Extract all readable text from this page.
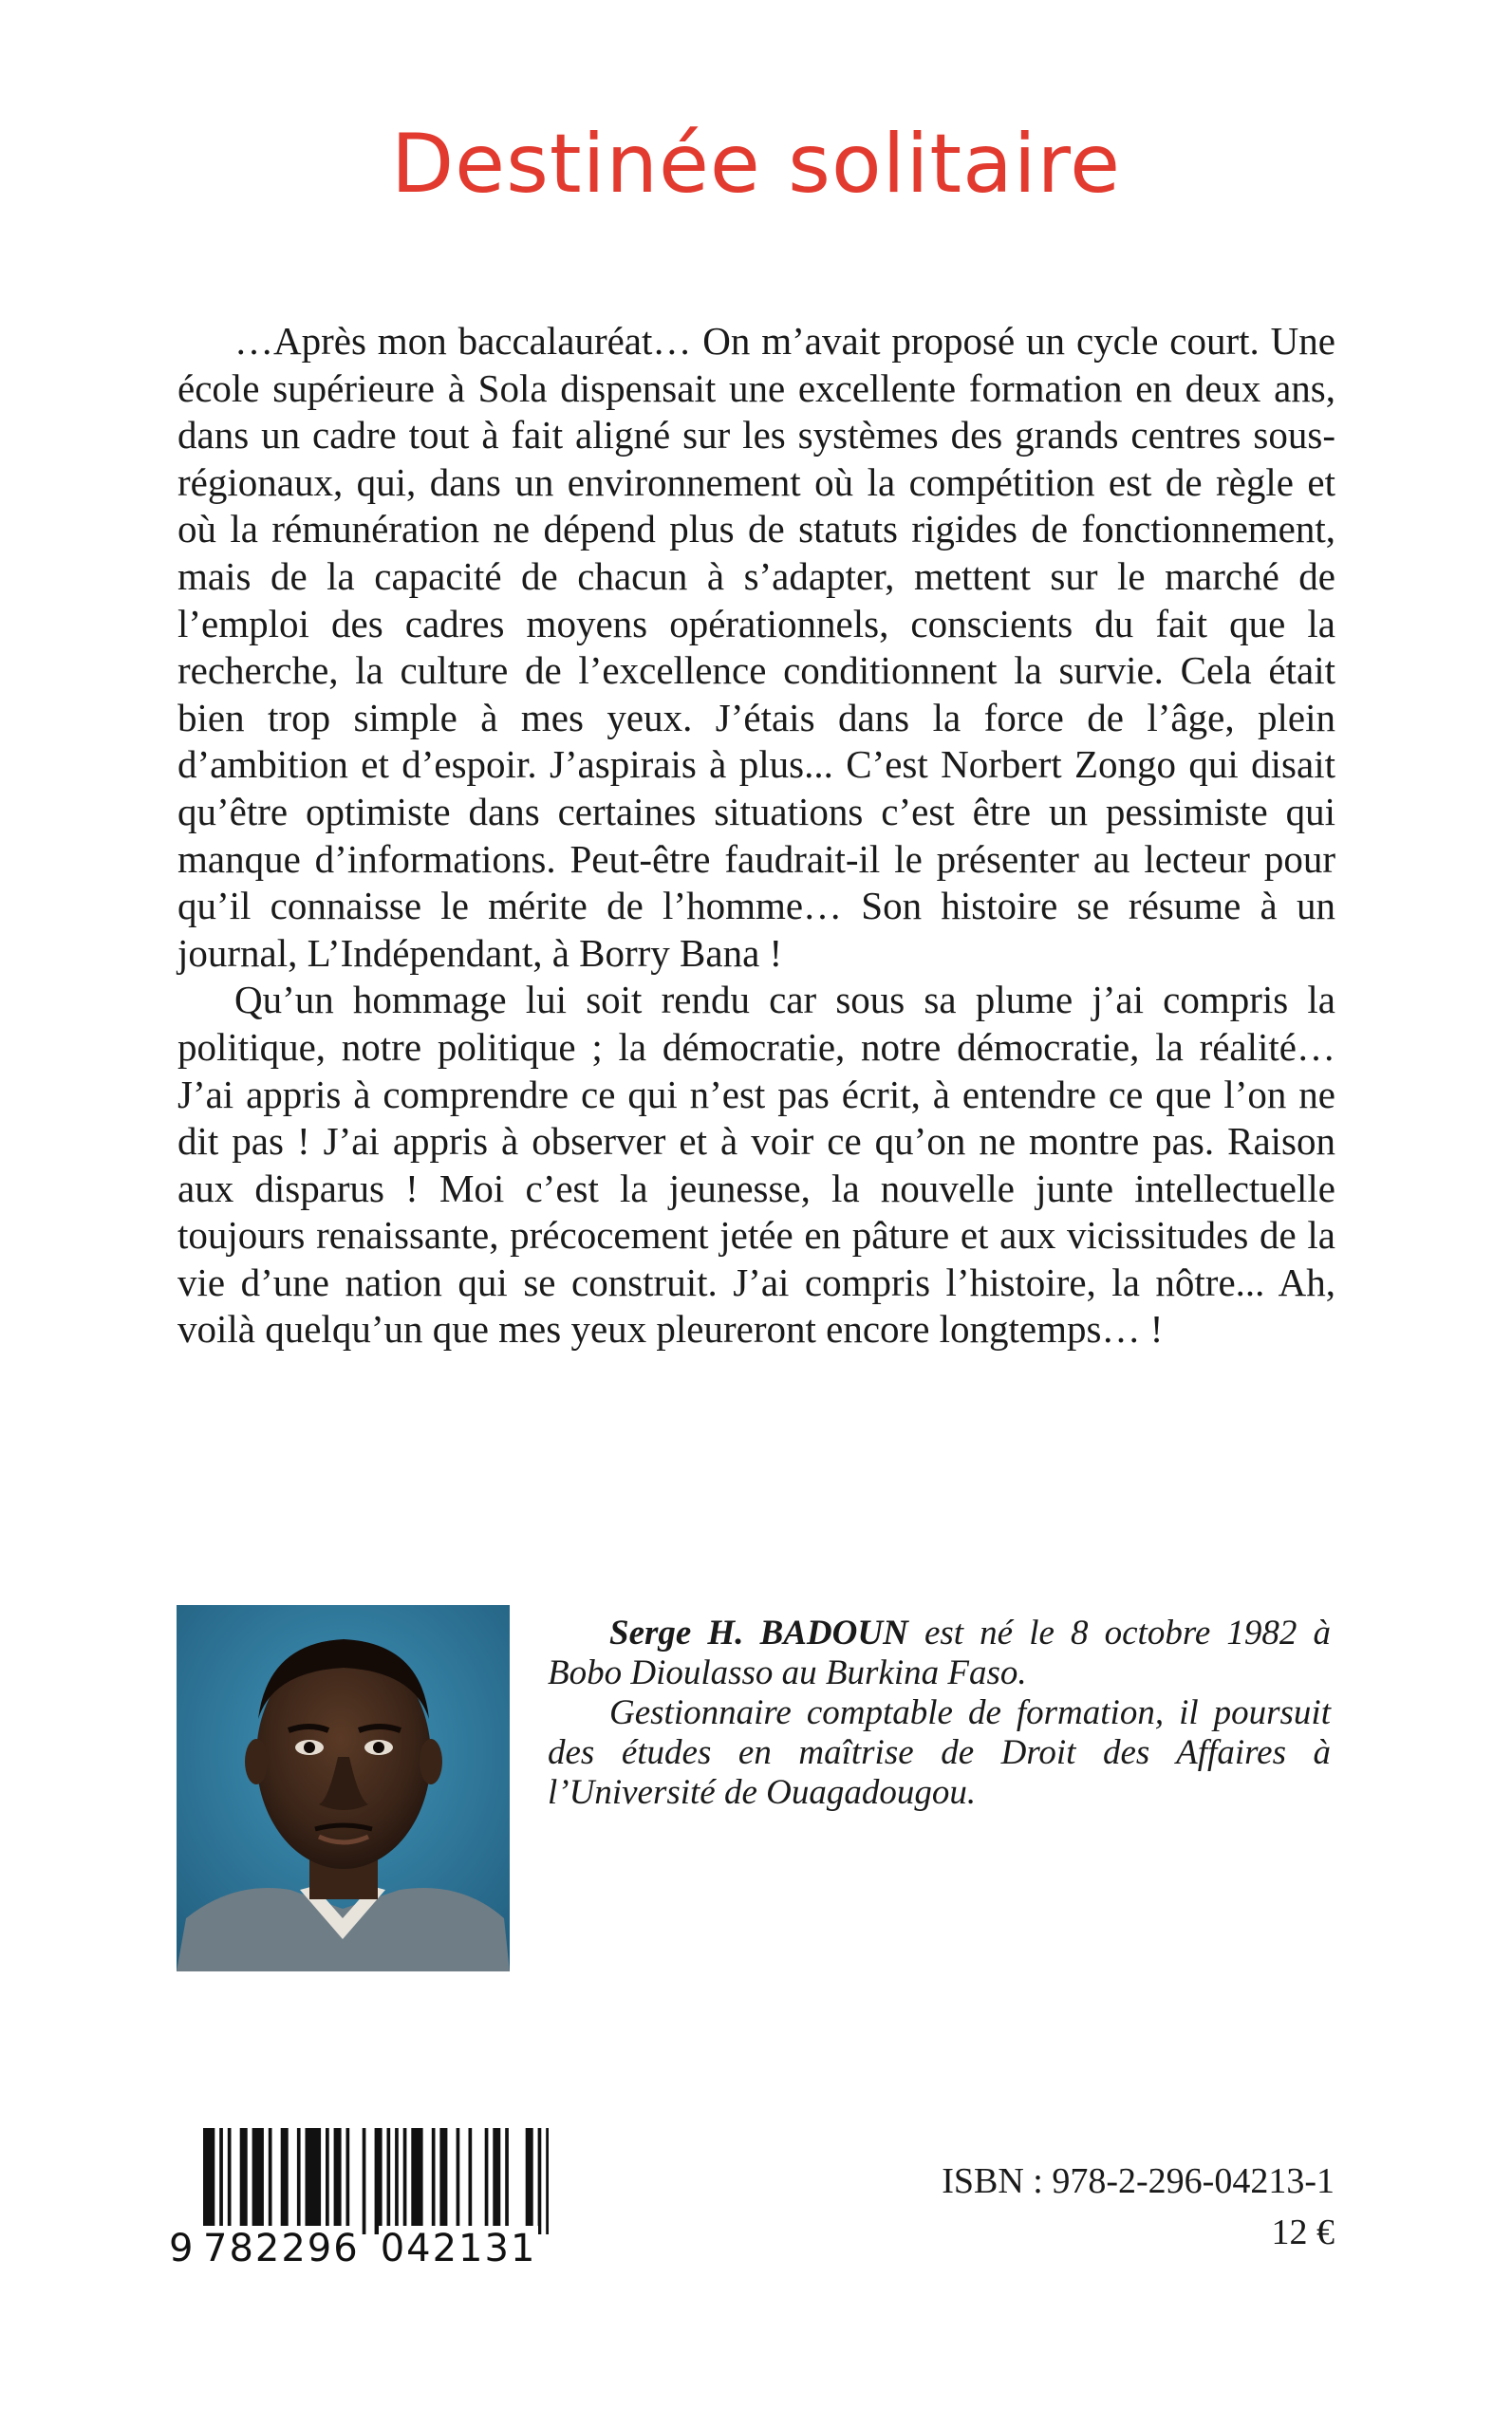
Destinée solitaire

…Après mon baccalauréat… On m’avait proposé un cycle court. Une école supérieure à Sola dispensait une excellente formation en deux ans, dans un cadre tout à fait aligné sur les systèmes des grands centres sous-régionaux, qui, dans un environnement où la compétition est de règle et où la rémunération ne dépend plus de statuts rigides de fonctionnement, mais de la capacité de chacun à s’adapter, mettent sur le marché de l’emploi des cadres moyens opérationnels, conscients du fait que la recherche, la culture de l’excellence conditionnent la survie. Cela était bien trop simple à mes yeux. J’étais dans la force de l’âge, plein d’ambition et d’espoir. J’aspirais à plus... C’est Norbert Zongo qui disait qu’être optimiste dans certaines situations c’est être un pessimiste qui manque d’informations. Peut-être faudrait-il le présenter au lecteur pour qu’il connaisse le mérite de l’homme… Son histoire se résume à un journal, L’Indépendant, à Borry Bana !

Qu’un hommage lui soit rendu car sous sa plume j’ai compris la politique, notre politique ; la démocratie, notre démocratie, la réalité… J’ai appris à comprendre ce qui n’est pas écrit, à entendre ce que l’on ne dit pas ! J’ai appris à observer et à voir ce qu’on ne montre pas. Raison aux disparus ! Moi c’est la jeunesse, la nouvelle junte intellectuelle toujours renaissante, précocement jetée en pâture et aux vicissitudes de la vie d’une nation qui se construit. J’ai compris l’histoire, la nôtre... Ah, voilà quelqu’un que mes yeux pleureront encore longtemps… !

Serge H. BADOUN est né le 8 octobre 1982 à Bobo Dioulasso au Burkina Faso.

Gestionnaire comptable de formation, il poursuit des études en maîtrise de Droit des Affaires à l’Université de Ouagadougou.

9 782296 042131
ISBN : 978-2-296-04213-1
12 €
